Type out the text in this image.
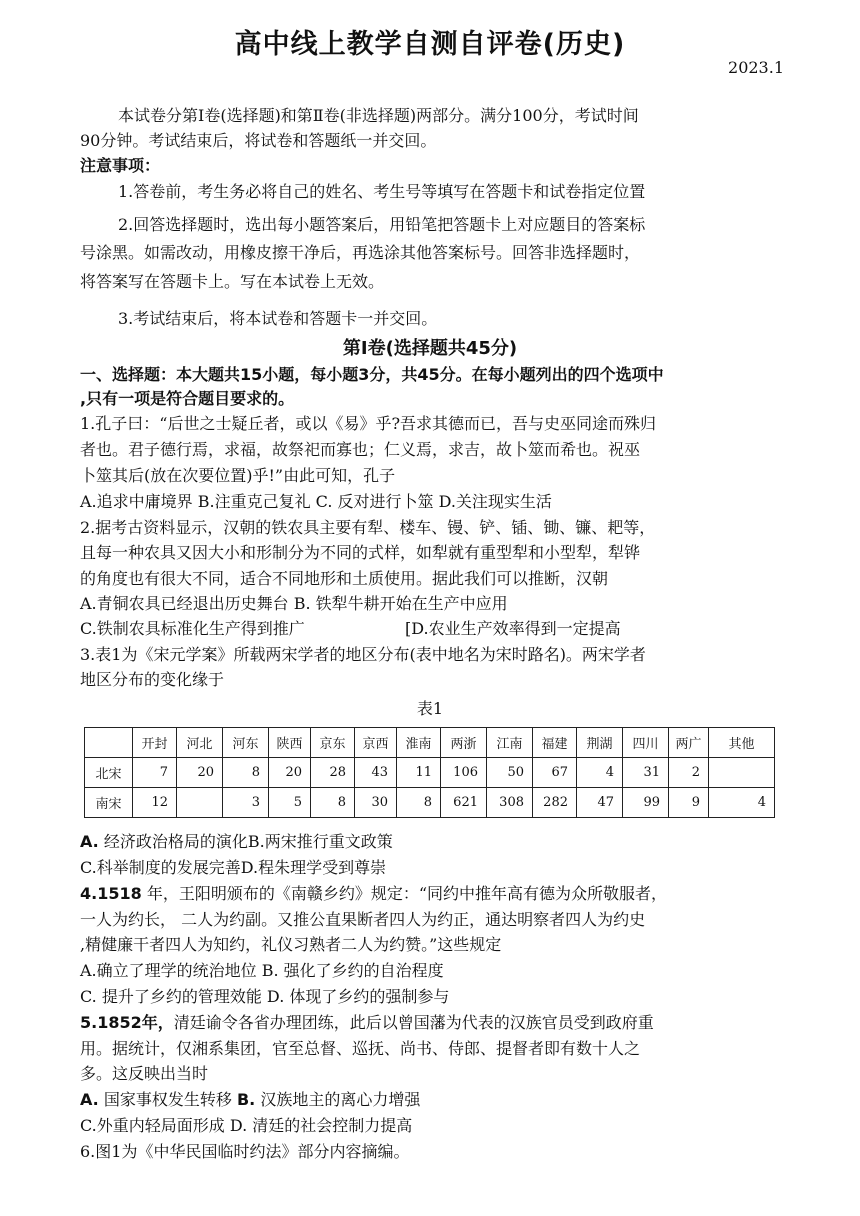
高中线上教学自测自评卷(历史)
2023.1
本试卷分第Ⅰ卷(选择题)和第Ⅱ卷(非选择题)两部分。满分100分，考试时间
90分钟。考试结束后，将试卷和答题纸一并交回。
注意事项：
1.答卷前，考生务必将自己的姓名、考生号等填写在答题卡和试卷指定位置
2.回答选择题时，选出每小题答案后，用铅笔把答题卡上对应题目的答案标
号涂黑。如需改动，用橡皮擦干净后，再选涂其他答案标号。回答非选择题时，
将答案写在答题卡上。写在本试卷上无效。
3.考试结束后，将本试卷和答题卡一并交回。
第Ⅰ卷(选择题共45分)
一、选择题：本大题共15小题，每小题3分，共45分。在每小题列出的四个选项中
,只有一项是符合题目要求的。
1.孔子曰：“后世之士疑丘者，或以《易》乎?吾求其德而已，吾与史巫同途而殊归
者也。君子德行焉，求福，故祭祀而寡也；仁义焉，求吉，故卜筮而希也。祝巫
卜筮其后(放在次要位置)乎!”由此可知，孔子
A.追求中庸境界 B.注重克己复礼 C. 反对进行卜筮 D.关注现实生活
2.据考古资料显示，汉朝的铁农具主要有犁、楼车、镘、铲、锸、锄、镰、耙等，
且每一种农具又因大小和形制分为不同的式样，如犁就有重型犁和小型犁，犁铧
的角度也有很大不同，适合不同地形和土质使用。据此我们可以推断，汉朝
A.青铜农具已经退出历史舞台 B. 铁犁牛耕开始在生产中应用
C.铁制农具标准化生产得到推广	[D.农业生产效率得到一定提高
3.表1为《宋元学案》所载两宋学者的地区分布(表中地名为宋时路名)。两宋学者
地区分布的变化缘于
表1
	开封	河北	河东	陕西	京东	京西	淮南	两浙	江南	福建	荆湖	四川	两广	其他
北宋	7	20	8	20	28	43	11	106	50	67	4	31	2	
南宋	12		3	5	8	30	8	621	308	282	47	99	9	4
A. 经济政治格局的演化B.两宋推行重文政策
C.科举制度的发展完善D.程朱理学受到尊崇
4.1518 年，王阳明颁布的《南赣乡约》规定：“同约中推年高有德为众所敬服者，
一人为约长， 二人为约副。又推公直果断者四人为约正，通达明察者四人为约史
,精健廉干者四人为知约，礼仪习熟者二人为约赞。”这些规定
A.确立了理学的统治地位 B. 强化了乡约的自治程度
C. 提升了乡约的管理效能 D. 体现了乡约的强制参与
5.1852年，清廷谕令各省办理团练，此后以曾国藩为代表的汉族官员受到政府重
用。据统计，仅湘系集团，官至总督、巡抚、尚书、侍郎、提督者即有数十人之
多。这反映出当时
A. 国家事权发生转移 B. 汉族地主的离心力增强
C.外重内轻局面形成 D. 清廷的社会控制力提高
6.图1为《中华民国临时约法》部分内容摘编。
